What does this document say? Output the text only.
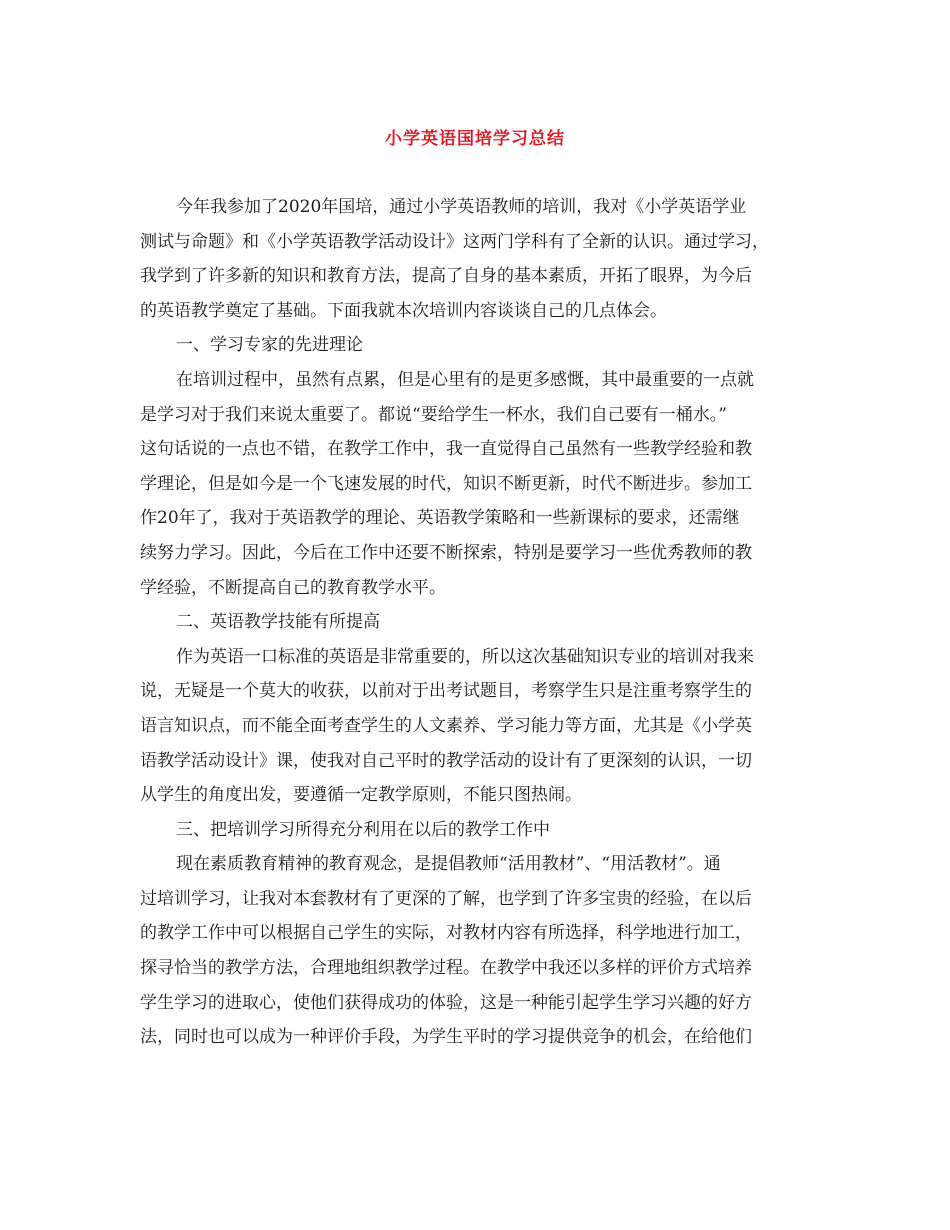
小学英语国培学习总结
今年我参加了2020年国培，通过小学英语教师的培训，我对《小学英语学业
测试与命题》和《小学英语教学活动设计》这两门学科有了全新的认识。通过学习，
我学到了许多新的知识和教育方法，提高了自身的基本素质，开拓了眼界，为今后
的英语教学奠定了基础。下面我就本次培训内容谈谈自己的几点体会。
一、学习专家的先进理论
在培训过程中，虽然有点累，但是心里有的是更多感慨，其中最重要的一点就
是学习对于我们来说太重要了。都说“要给学生一杯水，我们自己要有一桶水。”
这句话说的一点也不错，在教学工作中，我一直觉得自己虽然有一些教学经验和教
学理论，但是如今是一个飞速发展的时代，知识不断更新，时代不断进步。参加工
作20年了，我对于英语教学的理论、英语教学策略和一些新课标的要求，还需继
续努力学习。因此，今后在工作中还要不断探索，特别是要学习一些优秀教师的教
学经验，不断提高自己的教育教学水平。
二、英语教学技能有所提高
作为英语一口标准的英语是非常重要的，所以这次基础知识专业的培训对我来
说，无疑是一个莫大的收获，以前对于出考试题目，考察学生只是注重考察学生的
语言知识点，而不能全面考查学生的人文素养、学习能力等方面，尤其是《小学英
语教学活动设计》课，使我对自己平时的教学活动的设计有了更深刻的认识，一切
从学生的角度出发，要遵循一定教学原则，不能只图热闹。
三、把培训学习所得充分利用在以后的教学工作中
现在素质教育精神的教育观念，是提倡教师“活用教材”、“用活教材”。通
过培训学习，让我对本套教材有了更深的了解，也学到了许多宝贵的经验，在以后
的教学工作中可以根据自己学生的实际，对教材内容有所选择，科学地进行加工，
探寻恰当的教学方法，合理地组织教学过程。在教学中我还以多样的评价方式培养
学生学习的进取心，使他们获得成功的体验，这是一种能引起学生学习兴趣的好方
法，同时也可以成为一种评价手段，为学生平时的学习提供竞争的机会，在给他们
